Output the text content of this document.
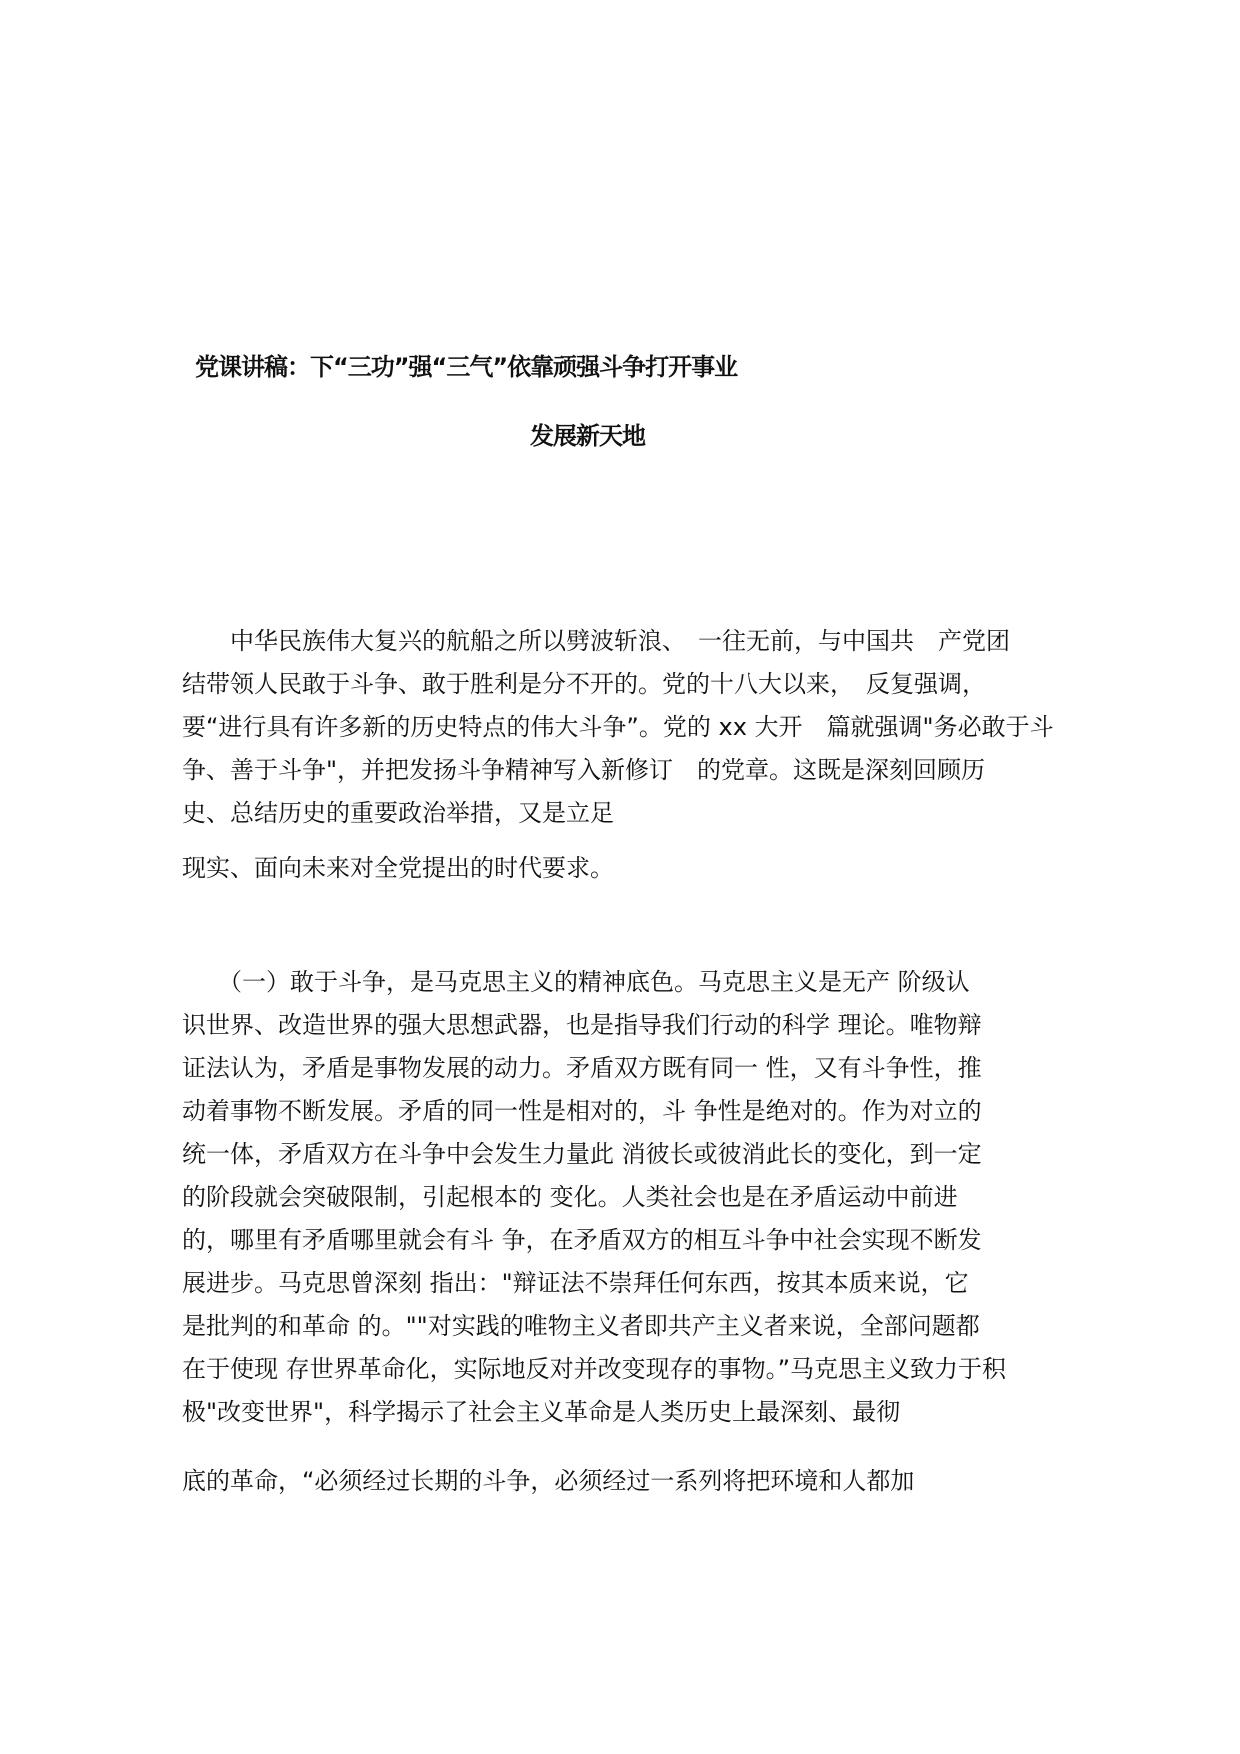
党课讲稿：下“三功”强“三气”依靠顽强斗争打开事业
发展新天地
　　中华民族伟大复兴的航船之所以劈波斩浪、　一往无前，与中国共　产党团
结带领人民敢于斗争、敢于胜利是分不开的。党的十八大以来，　反复强调，
要“进行具有许多新的历史特点的伟大斗争”。党的 xx 大开　篇就强调"务必敢于斗
争、善于斗争"，并把发扬斗争精神写入新修订　的党章。这既是深刻回顾历
史、总结历史的重要政治举措，又是立足
现实、面向未来对全党提出的时代要求。
　　（一）敢于斗争，是马克思主义的精神底色。马克思主义是无产 阶级认
识世界、改造世界的强大思想武器，也是指导我们行动的科学 理论。唯物辩
证法认为，矛盾是事物发展的动力。矛盾双方既有同一 性，又有斗争性，推
动着事物不断发展。矛盾的同一性是相对的，斗 争性是绝对的。作为对立的
统一体，矛盾双方在斗争中会发生力量此 消彼长或彼消此长的变化，到一定
的阶段就会突破限制，引起根本的 变化。人类社会也是在矛盾运动中前进
的，哪里有矛盾哪里就会有斗 争，在矛盾双方的相互斗争中社会实现不断发
展进步。马克思曾深刻 指出："辩证法不崇拜任何东西，按其本质来说，它
是批判的和革命 的。""对实践的唯物主义者即共产主义者来说，全部问题都
在于使现 存世界革命化，实际地反对并改变现存的事物。”马克思主义致力于积
极"改变世界"，科学揭示了社会主义革命是人类历史上最深刻、最彻
底的革命，“必须经过长期的斗争，必须经过一系列将把环境和人都加
